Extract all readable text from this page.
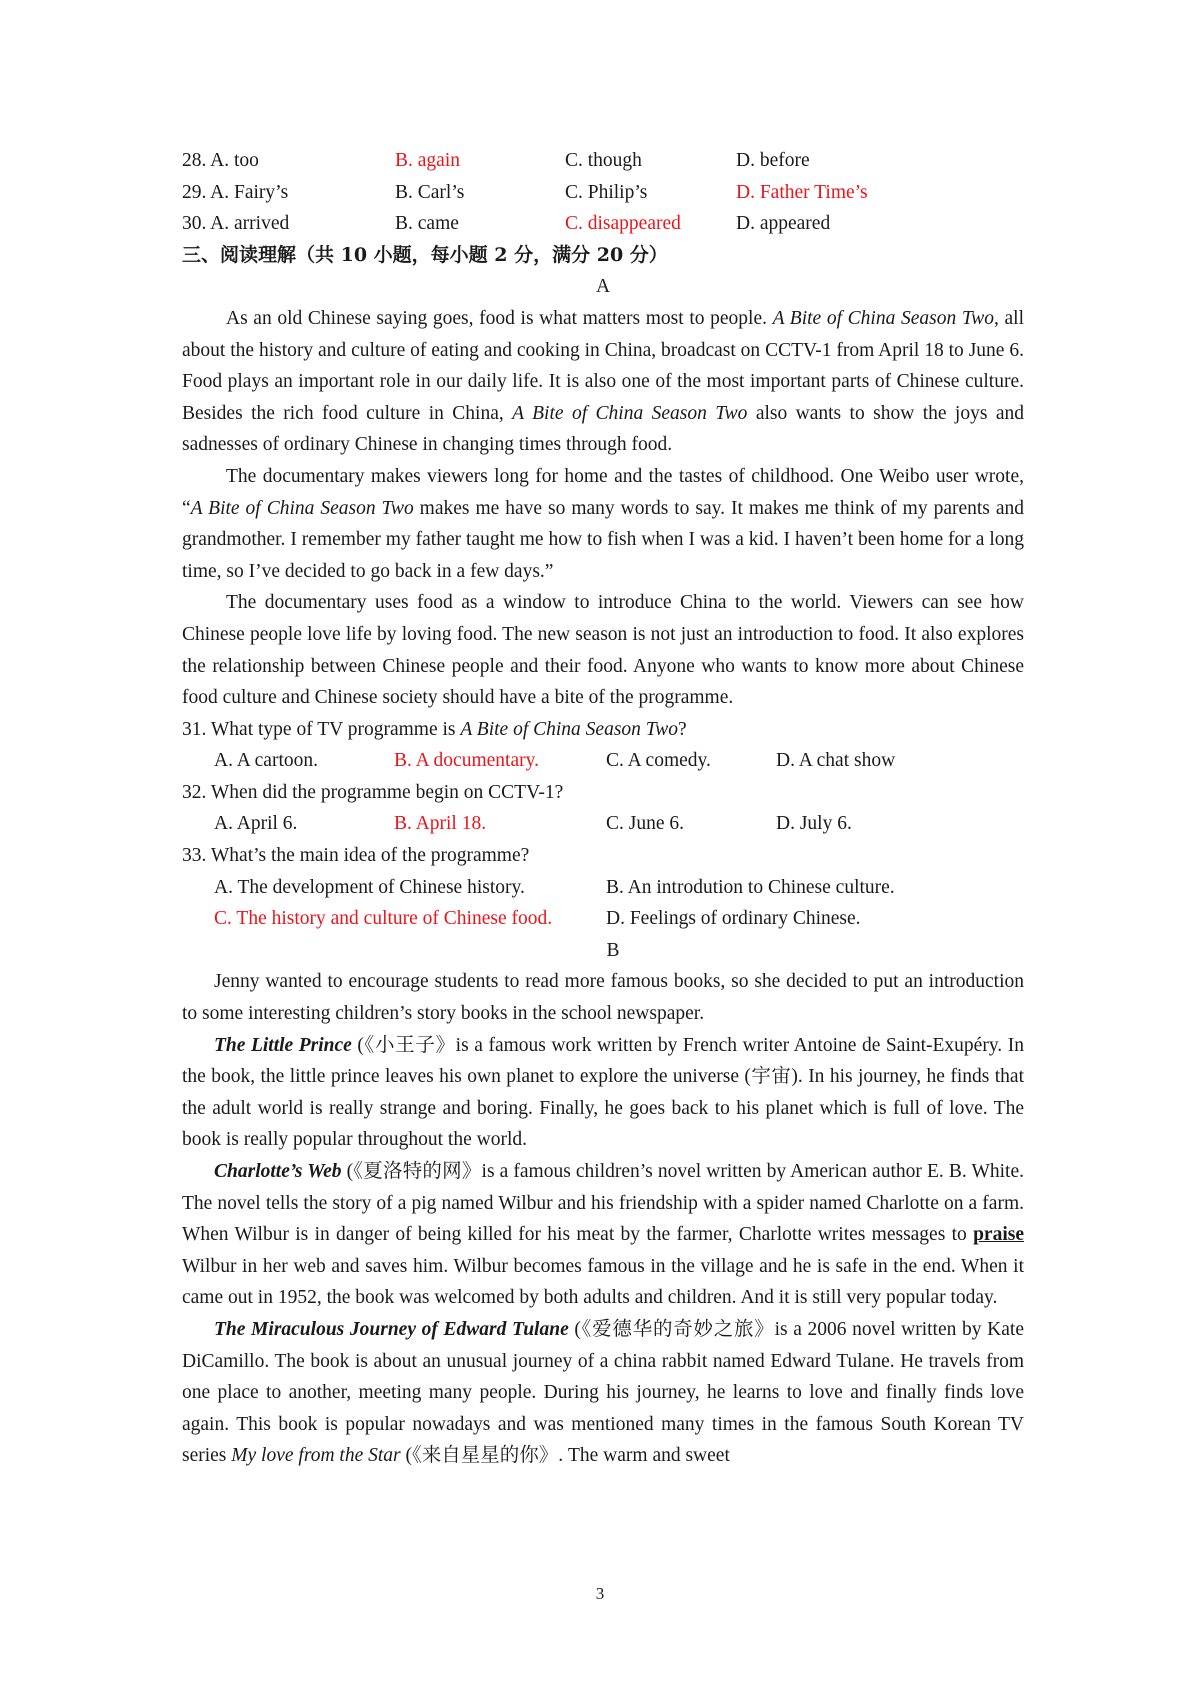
28. A. too	B. again	C. though	D. before
29. A. Fairy’s	B. Carl’s	C. Philip’s	D. Father Time’s
30. A. arrived	B. came	C. disappeared	D. appeared
三、阅读理解（共 10 小题，每小题 2 分，满分 20 分）
A

As an old Chinese saying goes, food is what matters most to people. A Bite of China Season Two, all about the history and culture of eating and cooking in China, broadcast on CCTV-1 from April 18 to June 6. Food plays an important role in our daily life. It is also one of the most important parts of Chinese culture. Besides the rich food culture in China, A Bite of China Season Two also wants to show the joys and sadnesses of ordinary Chinese in changing times through food.

The documentary makes viewers long for home and the tastes of childhood. One Weibo user wrote, “A Bite of China Season Two makes me have so many words to say. It makes me think of my parents and grandmother. I remember my father taught me how to fish when I was a kid. I haven’t been home for a long time, so I’ve decided to go back in a few days.”

The documentary uses food as a window to introduce China to the world. Viewers can see how Chinese people love life by loving food. The new season is not just an introduction to food. It also explores the relationship between Chinese people and their food. Anyone who wants to know more about Chinese food culture and Chinese society should have a bite of the programme.

31. What type of TV programme is A Bite of China Season Two?
A. A cartoon.	B. A documentary.	C. A comedy.	D. A chat show
32. When did the programme begin on CCTV-1?
A. April 6.	B. April 18.	C. June 6.	D. July 6.
33. What’s the main idea of the programme?
A. The development of Chinese history.	B. An introdution to Chinese culture.
C. The history and culture of Chinese food.	D. Feelings of ordinary Chinese.
B

Jenny wanted to encourage students to read more famous books, so she decided to put an introduction to some interesting children’s story books in the school newspaper.

The Little Prince (《小王子》is a famous work written by French writer Antoine de Saint-Exupéry. In the book, the little prince leaves his own planet to explore the universe (宇宙). In his journey, he finds that the adult world is really strange and boring. Finally, he goes back to his planet which is full of love. The book is really popular throughout the world.

Charlotte’s Web (《夏洛特的网》is a famous children’s novel written by American author E. B. White. The novel tells the story of a pig named Wilbur and his friendship with a spider named Charlotte on a farm. When Wilbur is in danger of being killed for his meat by the farmer, Charlotte writes messages to praise Wilbur in her web and saves him. Wilbur becomes famous in the village and he is safe in the end. When it came out in 1952, the book was welcomed by both adults and children. And it is still very popular today.

The Miraculous Journey of Edward Tulane (《爱德华的奇妙之旅》is a 2006 novel written by Kate DiCamillo. The book is about an unusual journey of a china rabbit named Edward Tulane. He travels from one place to another, meeting many people. During his journey, he learns to love and finally finds love again. This book is popular nowadays and was mentioned many times in the famous South Korean TV series My love from the Star (《来自星星的你》. The warm and sweet

3
